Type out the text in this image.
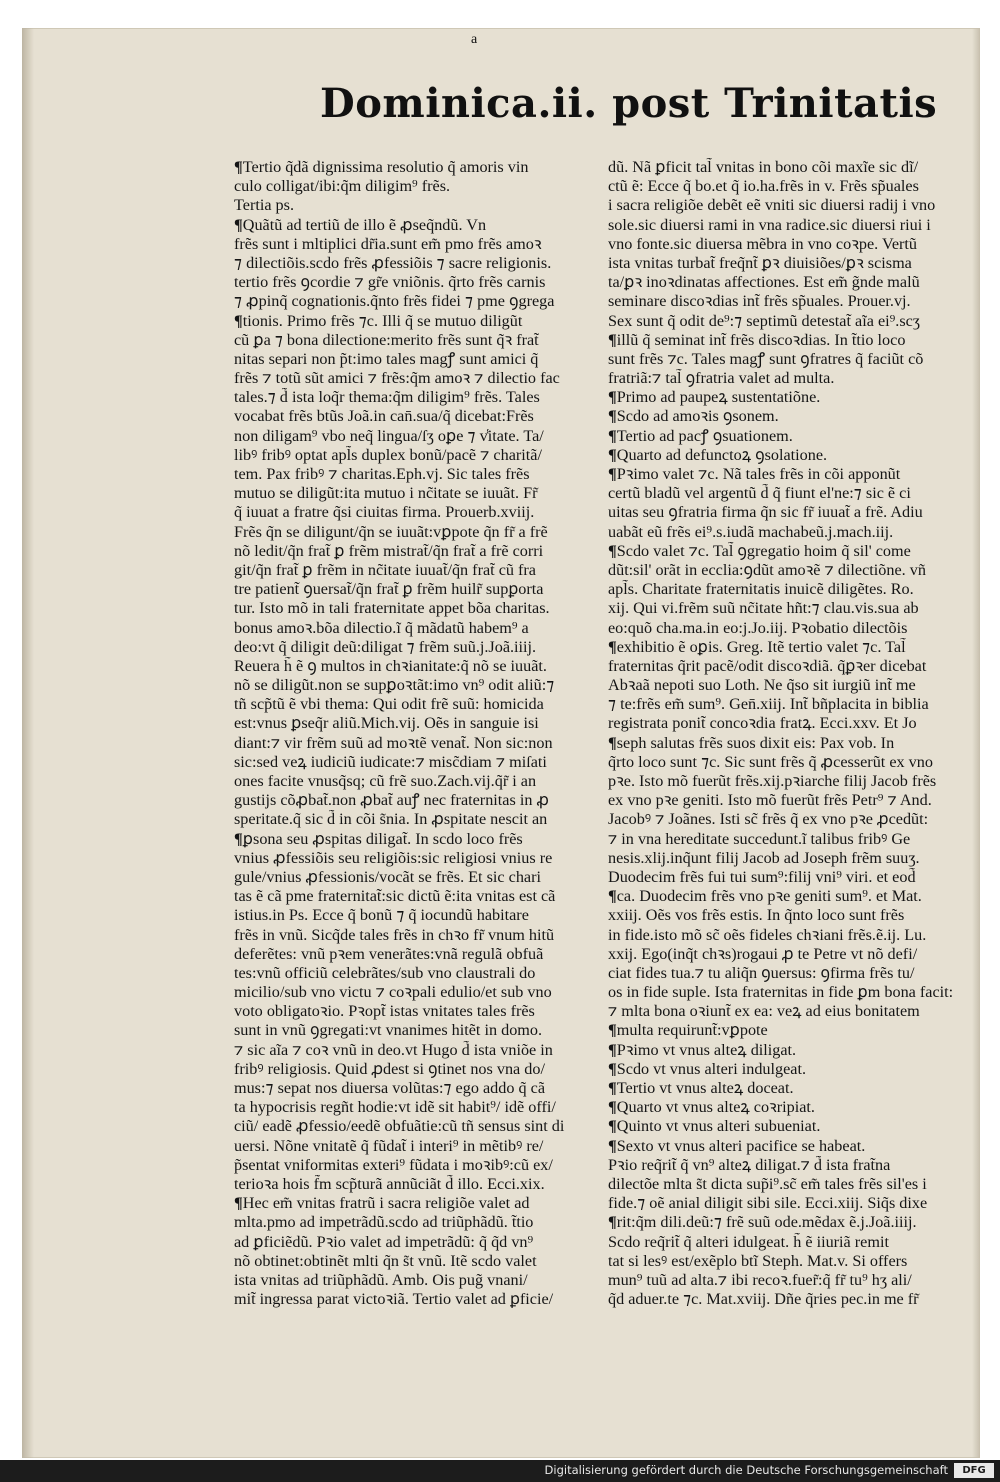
a
Dominica.ii. post Trinitatis
¶Tertio q̃dã dignissima resolutio q̃ amoris vin
culo colligat/ibi:q̃m diligim⁹ frẽs.
Tertia ps.
¶Quãtũ ad tertiũ de illo ẽ ꝓseq̃ndũ. Vn
frẽs sunt i mltiplici dr̃ia.sunt em̃ pmo frẽs amoꝛ
⁊ dilectiõis.scdo frẽs ꝓfessiõis ⁊ sacre religionis.
tertio frẽs ꝯcordie ⁊ gr̃e vniõnis. q̃rto frẽs carnis
⁊ ꝓpinq̃ cognationis.q̃nto frẽs fidei ⁊ pme ꝯgrega
¶tionis. Primo frẽs ⁊c. Illi q̃ se mutuo diligũt
cũ ꝑa ⁊ bona dilectione:merito frẽs sunt q̃ꝛ frat̃
nitas separi non p̃t:imo tales magꝭ sunt amici q̃
frẽs ⁊ totũ sũt amici ⁊ frẽs:q̃m amoꝛ ⁊ dilectio fac
tales.⁊ d̃ ista loq̃r thema:q̃m diligim⁹ frẽs. Tales
vocabat frẽs btũs Joã.in can̄.sua/q̃ dicebat:Frẽs
non diligam⁹ vbo neq̃ lingua/ſʒ oꝑe ⁊ v̾itate. Ta/
libꝰ fribꝰ optat apl̃s duplex bonũ/pacẽ ⁊ charitã/
tem. Pax fribꝰ ⁊ charitas.Eph.vj. Sic tales frẽs
mutuo se diligũt:ita mutuo i nc̃itate se iuuãt. Fr̃
q̃ iuuat a fratre q̃si ciuitas firma. Prouerb.xviij.
Frẽs q̃n se diligunt/q̃n se iuuãt:vꝑpote q̃n fr̃ a frẽ
nõ ledit/q̃n frat̃ ꝑ frẽm mistrat̃/q̃n frat̃ a frẽ corri
git/q̃n frat̃ ꝑ frẽm in nc̃itate iuuat̃/q̃n frat̃ cũ fra
tre patient̃ ꝯuersat̃/q̃n frat̃ ꝑ frẽm huilr̃ supꝑorta
tur. Isto mõ in tali fraternitate appet bõa charitas.
bonus amoꝛ.bõa dilectio.ĩ q̃ mãdatũ habem⁹ a
deo:vt q̃ diligit deũ:diligat ⁊ frẽm suũ.j.Joã.iiij.
Reuera h̃ ẽ ꝯ multos in chꝛianitate:q̃ nõ se iuuãt.
nõ se diligũt.non se supꝑoꝛtãt:imo vn⁹ odit aliũ:⁊
tñ scp̃tũ ẽ vbi thema: Qui odit frẽ suũ: homicida
est:vnus ꝑseq̃r aliũ.Mich.vij. Oẽs in sanguie isi
diant:⁊ vir frẽm suũ ad moꝛtẽ venat̃. Non sic:non
sic:sed veꝝ iudiciũ iudicate:⁊ misc̃diam ⁊ miſati
ones facite vnusq̃sq; cũ frẽ suo.Zach.vij.q̃r̃ i an
gustijs cõꝓbat̃.non ꝓbat̃ auꝭ nec fraternitas in ꝓ
speritate.q̃ sic d̃ in cõi s̃nia. In ꝓspitate nescit an
¶ꝑsona seu ꝓspitas diligat̃. In scdo loco frẽs
vnius ꝓfessiõis seu religiõis:sic religiosi vnius re
gule/vnius ꝓfessionis/vocãt se frẽs. Et sic chari
tas ẽ cã pme fraternitat̃:sic dictũ ẽ:ita vnitas est cã
istius.in Ps. Ecce q̃ bonũ ⁊ q̃ iocundũ habitare
frẽs in vnũ. Sicq̃de tales frẽs in chꝛo fr̃ vnum hitũ
deferẽtes: vnũ pꝛem venerãtes:vnã regulã obfuã
tes:vnũ officiũ celebrãtes/sub vno claustrali do
micilio/sub vno victu ⁊ coꝛpali edulio/et sub vno
voto obligatoꝛio. Pꝛopt̃ istas vnitates tales frẽs
sunt in vnũ ꝯgregati:vt vnanimes hitẽt in domo.
⁊ sic aĩa ⁊ coꝛ vnũ in deo.vt Hugo d̃ ista vniõe in
fribꝰ religiosis. Quid ꝓdest si ꝯtinet nos vna do/
mus:⁊ sepat nos diuersa volũtas:⁊ ego addo q̃ cã
ta hypocrisis regñt hodie:vt idẽ sit habit⁹/ idẽ offi/
ciũ/ eadẽ ꝓfessio/eedẽ obfuãtie:cũ tñ sensus sint di
uersi. Nõne vnitatẽ q̃ fũdat̃ i interi⁹ in mẽtibꝰ re/
p̃sentat vniformitas exteri⁹ fũdata i moꝛibꝰ:cũ ex/
terioꝛa hois f̃m scp̃turã annũciãt d̃ illo. Ecci.xix.
¶Hec em̃ vnitas fratrũ i sacra religiõe valet ad
mlta.pmo ad impetrãdũ.scdo ad triũphãdũ. t̃tio
ad ꝑficiẽdũ. Pꝛio valet ad impetrãdũ: q̃ q̃d vn⁹
nõ obtinet:obtinẽt mlti q̃n s̃t vnũ. Itẽ scdo valet
ista vnitas ad triũphãdũ. Amb. Ois pug̃ vnani/
mit̃ ingressa parat victoꝛiã. Tertio valet ad ꝑficie/
dũ. Nã ꝑficit tal̃ vnitas in bono cõi maxĩe sic dĩ/
ctũ ẽ: Ecce q̃ bo.et q̃ io.ha.frẽs in v. Frẽs sp̃uales
i sacra religiõe debẽt eẽ vniti sic diuersi radij i vno
sole.sic diuersi rami in vna radice.sic diuersi riui i
vno fonte.sic diuersa mẽbra in vno coꝛpe. Vertũ
ista vnitas turbat̃ freq̃nt̃ ꝑꝛ diuisiões/ꝑꝛ scisma
ta/ꝑꝛ inoꝛdinatas affectiones. Est em̃ g̃nde malũ
seminare discoꝛdias int̃ frẽs sp̃uales. Prouer.vj.
Sex sunt q̃ odit de⁹:⁊ septimũ detestat̃ aĩa ei⁹.scʒ
¶illũ q̃ seminat int̃ frẽs discoꝛdias. In t̃tio loco
sunt frẽs ⁊c. Tales magꝭ sunt ꝯfratres q̃ faciũt cõ
fratriã:⁊ tal̃ ꝯfratria valet ad multa.
¶Primo ad paupeꝝ sustentatiõne.
¶Scdo ad amoꝛis ꝯsonem.
¶Tertio ad pacꝭ ꝯsuationem.
¶Quarto ad defunctoꝝ ꝯsolatione.
¶Pꝛimo valet ⁊c. Nã tales frẽs in cõi apponũt
certũ bladũ vel argentũ d̃ q̃ fiunt el'ne:⁊ sic ẽ ci
uitas seu ꝯfratria firma q̃n sic fr̃ iuuat̃ a frẽ. Adiu
uabãt eũ frẽs ei⁹.s.iudã machabeũ.j.mach.iij.
¶Scdo valet ⁊c. Tal̃ ꝯgregatio hoim q̃ sil' come
dũt:sil' orãt in ecclia:ꝯdũt amoꝛẽ ⁊ dilectiõne. vñ
apl̃s. Charitate fraternitatis inuicẽ diligẽtes. Ro.
xij. Qui vi.frẽm suũ nc̃itate hñt:⁊ clau.vis.sua ab
eo:quõ cha.ma.in eo:j.Jo.iij. Pꝛobatio dilectõis
¶exhibitio ẽ oꝑis. Greg. Itẽ tertio valet ⁊c. Tal̃
fraternitas q̃rit pacẽ/odit discoꝛdiã. q̃ꝑꝛer dicebat
Abꝛaã nepoti suo Loth. Ne q̃so sit iurgiũ int̃ me
⁊ te:frẽs em̃ sum⁹. Gen̄.xiij. Int̃ bñplacita in biblia
registrata ponit̃ concoꝛdia fratꝝ. Ecci.xxv. Et Jo
¶seph salutas frẽs suos dixit eis: Pax vob. In
q̃rto loco sunt ⁊c. Sic sunt frẽs q̃ ꝓcesserũt ex vno
pꝛe. Isto mõ fuerũt frẽs.xij.pꝛiarche filij Jacob frẽs
ex vno pꝛe geniti. Isto mõ fuerũt frẽs Petr⁹ ⁊ And.
Jacobꝰ ⁊ Joãnes. Isti sc̃ frẽs q̃ ex vno pꝛe ꝓcedũt:
⁊ in vna hereditate succedunt.ĩ talibus fribꝰ Ge
nesis.xlij.inq̃unt filij Jacob ad Joseph frẽm suuʒ.
Duodecim frẽs fui tui sum⁹:filij vni⁹ viri. et eod̃
¶ca. Duodecim frẽs vno pꝛe geniti sum⁹. et Mat.
xxiij. Oẽs vos frẽs estis. In q̃nto loco sunt frẽs
in fide.isto mõ sc̃ oẽs fideles chꝛiani frẽs.ẽ.ij. Lu.
xxij. Ego(inq̃t chꝛs)rogaui ꝓ te Petre vt nõ defi/
ciat fides tua.⁊ tu aliq̃n ꝯuersus: ꝯfirma frẽs tu/
os in fide suple. Ista fraternitas in fide ꝑm bona facit:
⁊ mlta bona oꝛiunt̃ ex ea: veꝝ ad eius bonitatem
¶multa requirunt̃:vꝑpote
¶Pꝛimo vt vnus alteꝝ diligat.
¶Scdo vt vnus alteri indulgeat.
¶Tertio vt vnus alteꝝ doceat.
¶Quarto vt vnus alteꝝ coꝛripiat.
¶Quinto vt vnus alteri subueniat.
¶Sexto vt vnus alteri pacifice se habeat.
Pꝛio req̃rit̃ q̃ vn⁹ alteꝝ diligat.⁊ d̃ ista frat̃na
dilectõe mlta s̃t dicta sup̃i⁹.sc̃ em̃ tales frẽs sil'es i
fide.⁊ oẽ anial diligit sibi sile. Ecci.xiij. Siq̃s dixe
¶rit:q̃m dili.deũ:⁊ frẽ suũ ode.mẽdax ẽ.j.Joã.iiij.
Scdo req̃rit̃ q̃ alteri idulgeat. h̃ ẽ iiuriã remit
tat si lesꝰ est/exẽplo btĩ Steph. Mat.v. Si offers
mun⁹ tuũ ad alta.⁊ ibi recoꝛ.fuer̃:q̃ fr̃ tu⁹ hʒ ali/
q̃d aduer.te ⁊c. Mat.xviij. Dñe q̃ries pec.in me fr̃
Digitalisierung gefördert durch die Deutsche Forschungsgemeinschaft	DFG
